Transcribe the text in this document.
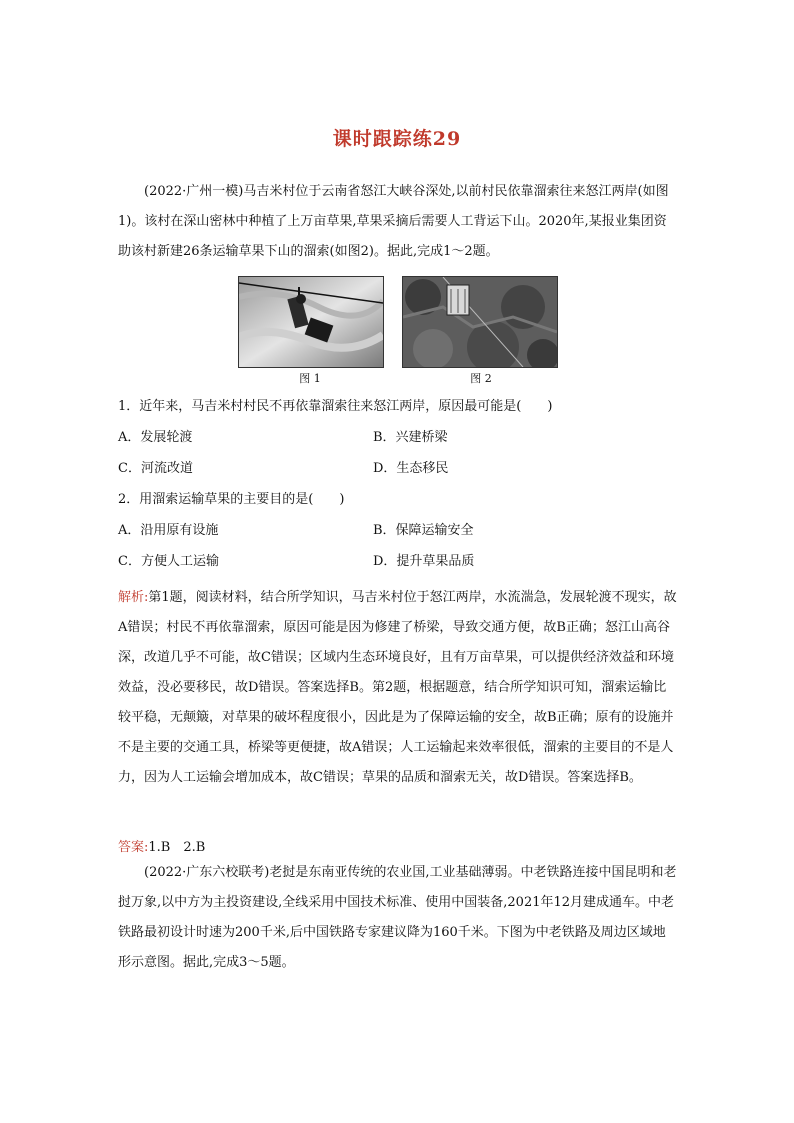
课时跟踪练29
(2022·广州一模)马吉米村位于云南省怒江大峡谷深处,以前村民依靠溜索往来怒江两岸(如图1)。该村在深山密林中种植了上万亩草果,草果采摘后需要人工背运下山。2020年,某报业集团资助该村新建26条运输草果下山的溜索(如图2)。据此,完成1～2题。
图 1	图 2
1．近年来，马吉米村村民不再依靠溜索往来怒江两岸，原因最可能是(　　)
A．发展轮渡	B．兴建桥梁
C．河流改道	D．生态移民
2．用溜索运输草果的主要目的是(　　)
A．沿用原有设施	B．保障运输安全
C．方便人工运输	D．提升草果品质
解析:第1题，阅读材料，结合所学知识，马吉米村位于怒江两岸，水流湍急，发展轮渡不现实，故A错误；村民不再依靠溜索，原因可能是因为修建了桥梁，导致交通方便，故B正确；怒江山高谷深，改道几乎不可能，故C错误；区域内生态环境良好，且有万亩草果，可以提供经济效益和环境效益，没必要移民，故D错误。答案选择B。第2题，根据题意，结合所学知识可知，溜索运输比较平稳，无颠簸，对草果的破坏程度很小，因此是为了保障运输的安全，故B正确；原有的设施并不是主要的交通工具，桥梁等更便捷，故A错误；人工运输起来效率很低，溜索的主要目的不是人力，因为人工运输会增加成本，故C错误；草果的品质和溜索无关，故D错误。答案选择B。
答案:1.B　2.B
(2022·广东六校联考)老挝是东南亚传统的农业国,工业基础薄弱。中老铁路连接中国昆明和老挝万象,以中方为主投资建设,全线采用中国技术标准、使用中国装备,2021年12月建成通车。中老铁路最初设计时速为200千米,后中国铁路专家建议降为160千米。下图为中老铁路及周边区域地形示意图。据此,完成3～5题。
